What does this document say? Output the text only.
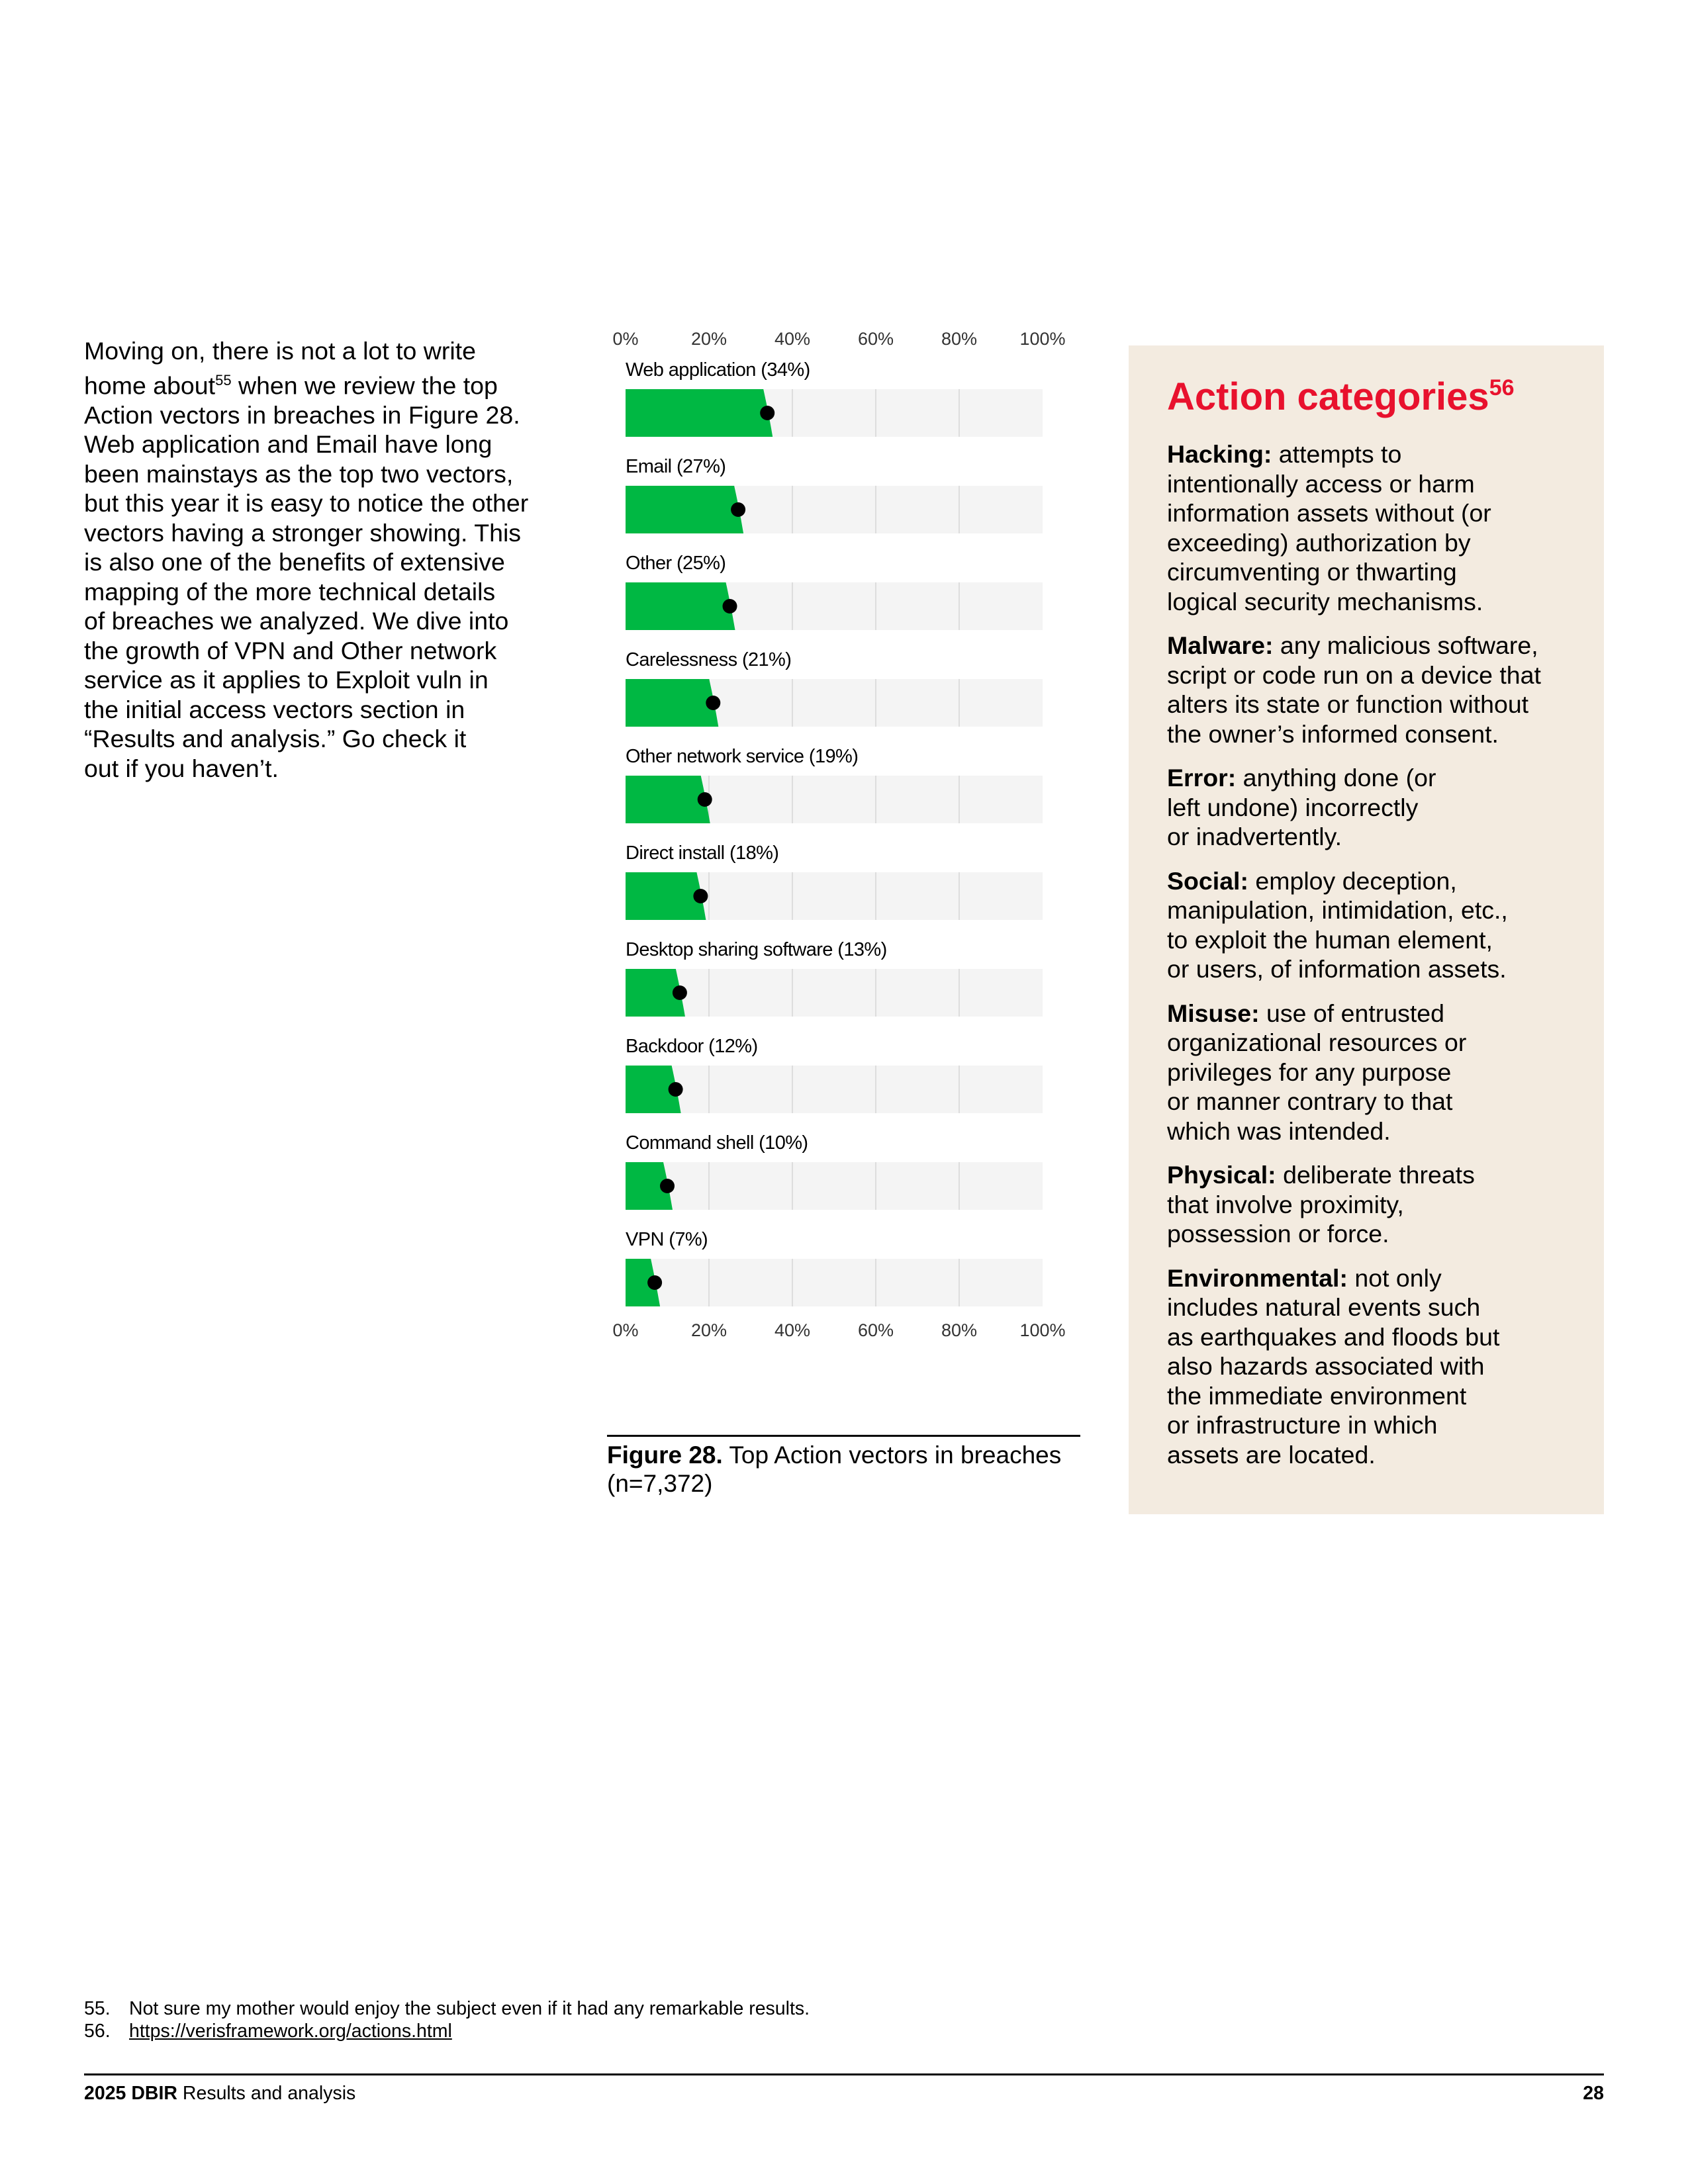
Moving on, there is not a lot to write
home about$^{55}$ when we review the top
Action vectors in breaches in Figure 28.
Web application and Email have long
been mainstays as the top two vectors,
but this year it is easy to notice the other
vectors having a stronger showing. This
is also one of the benefits of extensive
mapping of the more technical details
of breaches we analyzed. We dive into
the growth of VPN and Other network
service as it applies to Exploit vuln in
the initial access vectors section in
“Results and analysis.” Go check it
out if you haven’t.
0%
0%
20%
20%
40%
40%
60%
60%
80%
80%
100%
100%
Web application (34%)
Email (27%)
Other (25%)
Carelessness (21%)
Other network service (19%)
Direct install (18%)
Desktop sharing software (13%)
Backdoor (12%)
Command shell (10%)
VPN (7%)
Figure 28. Top Action vectors in breaches (n=7,372)
Action categories$^{56}$

Hacking: attempts to
intentionally access or harm
information assets without (or
exceeding) authorization by
circumventing or thwarting
logical security mechanisms.

Malware: any malicious software,
script or code run on a device that
alters its state or function without
the owner’s informed consent.

Error: anything done (or
left undone) incorrectly
or inadvertently.

Social: employ deception,
manipulation, intimidation, etc.,
to exploit the human element,
or users, of information assets.

Misuse: use of entrusted
organizational resources or
privileges for any purpose
or manner contrary to that
which was intended.

Physical: deliberate threats
that involve proximity,
possession or force.

Environmental: not only
includes natural events such
as earthquakes and floods but
also hazards associated with
the immediate environment
or infrastructure in which
assets are located.

55. Not sure my mother would enjoy the subject even if it had any remarkable results.
56. https://verisframework.org/actions.html
2025 DBIR Results and analysis	28
